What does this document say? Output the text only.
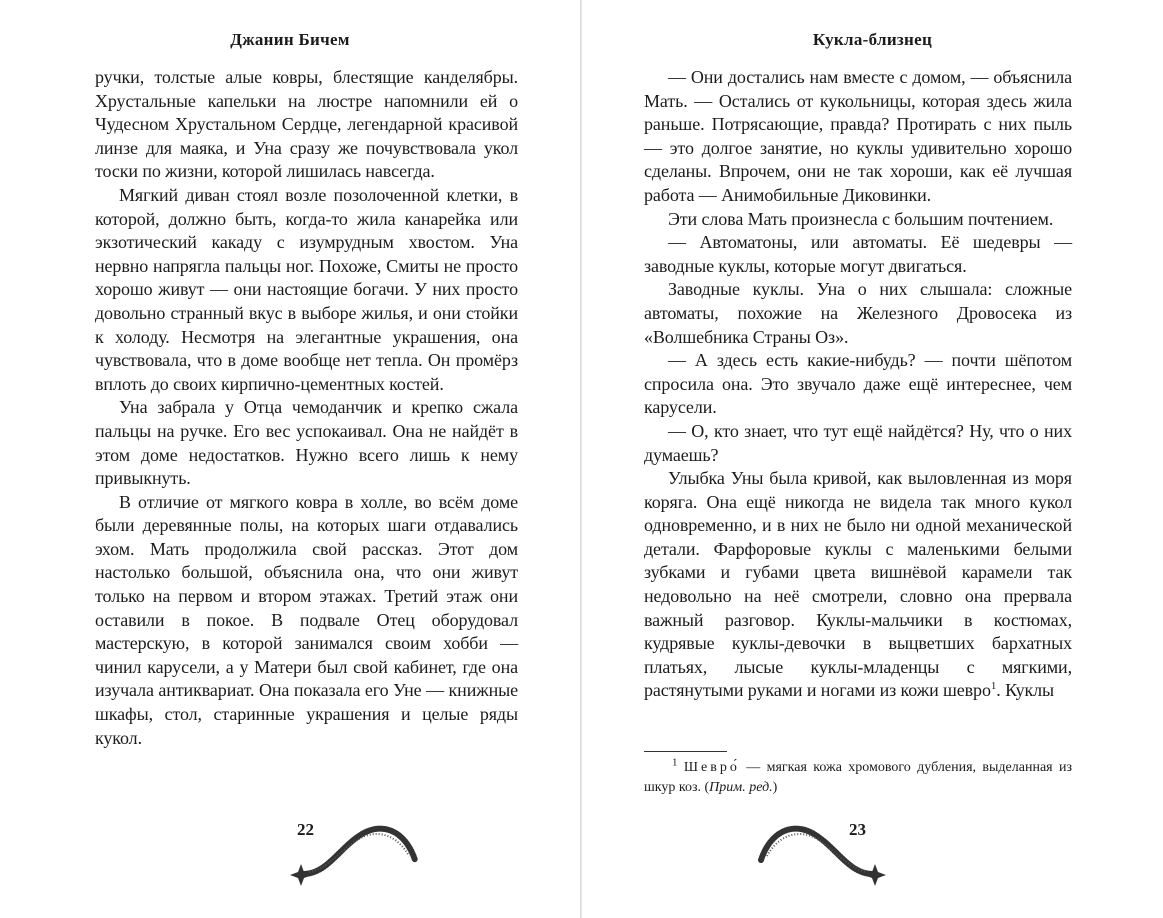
Джанин Бичем

ручки, толстые алые ковры, блестящие канделябры. Хрустальные капельки на люстре напомнили ей о Чудесном Хрустальном Сердце, легендарной красивой линзе для маяка, и Уна сразу же почувствовала укол тоски по жизни, которой лишилась навсегда.

Мягкий диван стоял возле позолоченной клетки, в которой, должно быть, когда-то жила канарейка или экзотический какаду с изумрудным хвостом. Уна нервно напрягла пальцы ног. Похоже, Смиты не просто хорошо живут — они настоящие богачи. У них просто довольно странный вкус в выборе жилья, и они стойки к холоду. Несмотря на элегантные украшения, она чувствовала, что в доме вообще нет тепла. Он промёрз вплоть до своих кирпично-цементных костей.

Уна забрала у Отца чемоданчик и крепко сжала пальцы на ручке. Его вес успокаивал. Она не найдёт в этом доме недостатков. Нужно всего лишь к нему привыкнуть.

В отличие от мягкого ковра в холле, во всём доме были деревянные полы, на которых шаги отдавались эхом. Мать продолжила свой рассказ. Этот дом настолько большой, объяснила она, что они живут только на первом и втором этажах. Третий этаж они оставили в покое. В подвале Отец оборудовал мастерскую, в которой занимался своим хобби — чинил карусели, а у Матери был свой кабинет, где она изучала антиквариат. Она показала его Уне — книжные шкафы, стол, старинные украшения и целые ряды кукол.

22
Кукла-близнец

— Они достались нам вместе с домом, — объяснила Мать. — Остались от кукольницы, которая здесь жила раньше. Потрясающие, правда? Протирать с них пыль — это долгое занятие, но куклы удивительно хорошо сделаны. Впрочем, они не так хороши, как её лучшая работа — Анимобильные Диковинки.

Эти слова Мать произнесла с большим почтением.

— Автоматоны, или автоматы. Её шедевры — заводные куклы, которые могут двигаться.

Заводные куклы. Уна о них слышала: сложные автоматы, похожие на Железного Дровосека из «Волшебника Страны Оз».

— А здесь есть какие-нибудь? — почти шёпотом спросила она. Это звучало даже ещё интереснее, чем карусели.

— О, кто знает, что тут ещё найдётся? Ну, что о них думаешь?

Улыбка Уны была кривой, как выловленная из моря коряга. Она ещё никогда не видела так много кукол одновременно, и в них не было ни одной механической детали. Фарфоровые куклы с маленькими белыми зубками и губами цвета вишнёвой карамели так недовольно на неё смотрели, словно она прервала важный разговор. Куклы-мальчики в костюмах, кудрявые куклы-девочки в выцветших бархатных платьях, лысые куклы-младенцы с мягкими, растянутыми руками и ногами из кожи шевро$^1$. Куклы

$^1$ Шевро́ — мягкая кожа хромового дубления, выделанная из шкур коз. (Прим. ред.)
23
